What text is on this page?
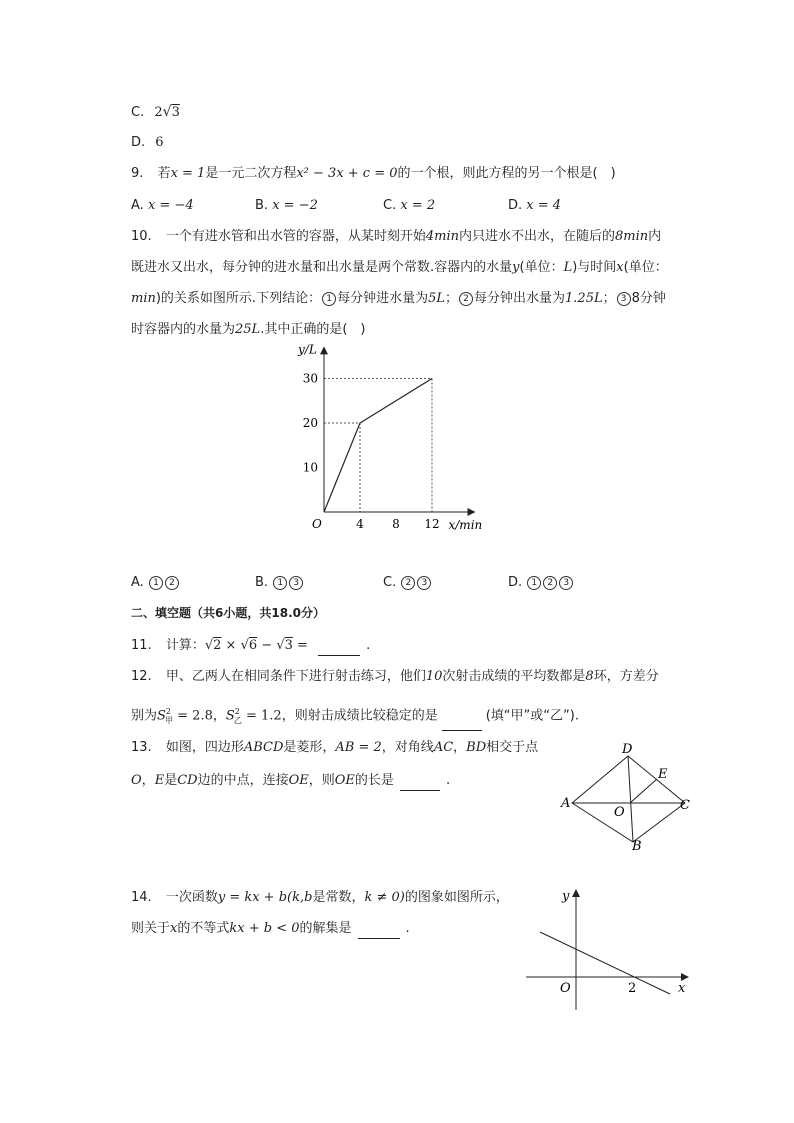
C. 2√3
D. 6
9. 若x = 1是一元二次方程x² − 3x + c = 0的一个根，则此方程的另一个根是(　)
A. x = −4	B. x = −2	C. x = 2	D. x = 4
10. 一个有进水管和出水管的容器，从某时刻开始4min内只进水不出水，在随后的8min内
既进水又出水，每分钟的进水量和出水量是两个常数.容器内的水量y(单位：L)与时间x(单位：
min)的关系如图所示.下列结论： 1 每分钟进水量为5L； 2 每分钟出水量为1.25L； 3 8分钟
时容器内的水量为25L.其中正确的是(　)
4 8 12
10
20
30
O	x/min
y/L
A. 1 2	B. 1 3	C. 2 3	D. 1 2 3
二、填空题（共6小题，共18.0分）
11. 计算：√2 × √6 − √3 =	.
12. 甲、乙两人在相同条件下进行射击练习，他们10次射击成绩的平均数都是8环，方差分
别为$S^2_甲 = 2.8$，$S^2_乙 = 1.2$，则射击成绩比较稳定的是	(填“甲”或“乙”).
13. 如图，四边形ABCD是菱形，AB = 2，对角线AC，BD相交于点
O，E是CD边的中点，连接OE，则OE的长是	.
D
E
A
O	C
B
14. 一次函数y = kx + b(k,b是常数，k ≠ 0)的图象如图所示，
则关于x的不等式kx + b < 0的解集是	.
y
x
O	2
